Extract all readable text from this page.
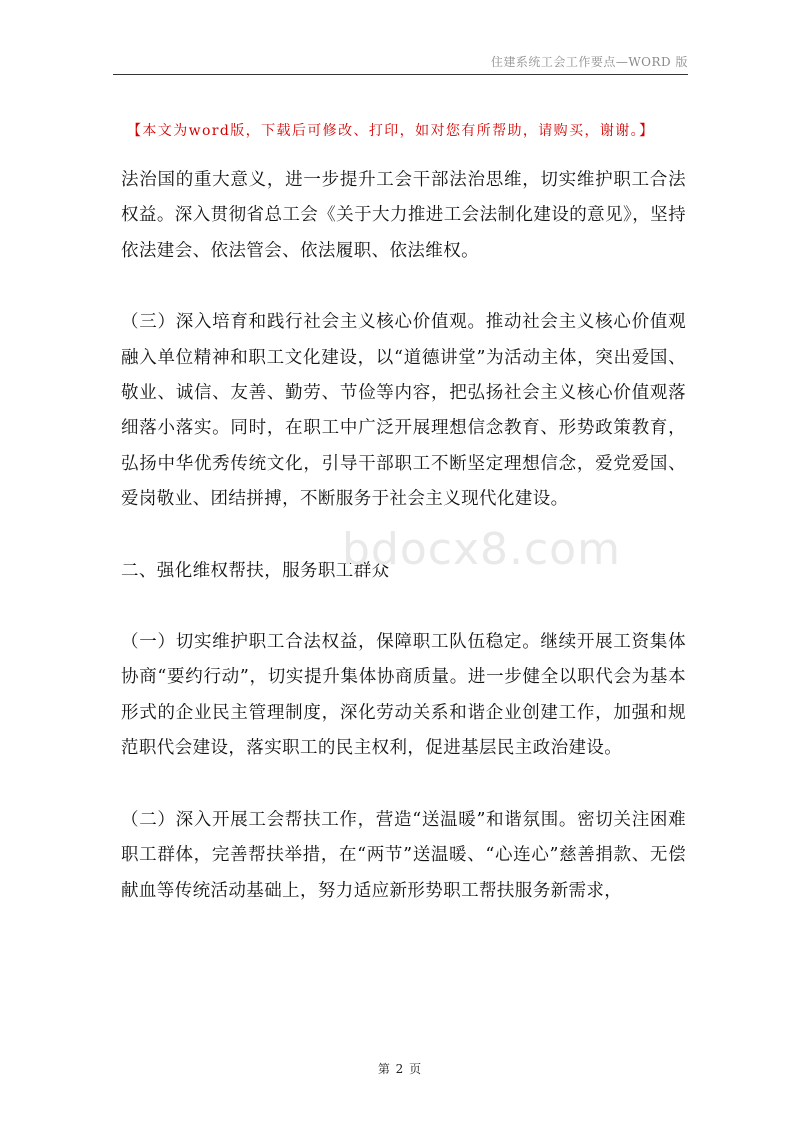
住建系统工会工作要点—WORD 版
【本文为word版，下载后可修改、打印，如对您有所帮助，请购买，谢谢。】

法治国的重大意义，进一步提升工会干部法治思维，切实维护职工合法权益。深入贯彻省总工会《关于大力推进工会法制化建设的意见》，坚持依法建会、依法管会、依法履职、依法维权。

（三）深入培育和践行社会主义核心价值观。推动社会主义核心价值观融入单位精神和职工文化建设，以“道德讲堂”为活动主体，突出爱国、敬业、诚信、友善、勤劳、节俭等内容，把弘扬社会主义核心价值观落细落小落实。同时，在职工中广泛开展理想信念教育、形势政策教育，弘扬中华优秀传统文化，引导干部职工不断坚定理想信念，爱党爱国、爱岗敬业、团结拼搏，不断服务于社会主义现代化建设。

二、强化维权帮扶，服务职工群众

（一）切实维护职工合法权益，保障职工队伍稳定。继续开展工资集体协商“要约行动”，切实提升集体协商质量。进一步健全以职代会为基本形式的企业民主管理制度，深化劳动关系和谐企业创建工作，加强和规范职代会建设，落实职工的民主权利，促进基层民主政治建设。

（二）深入开展工会帮扶工作，营造“送温暖”和谐氛围。密切关注困难职工群体，完善帮扶举措，在“两节”送温暖、“心连心”慈善捐款、无偿献血等传统活动基础上，努力适应新形势职工帮扶服务新需求，

bdocx8.com
第 2 页
